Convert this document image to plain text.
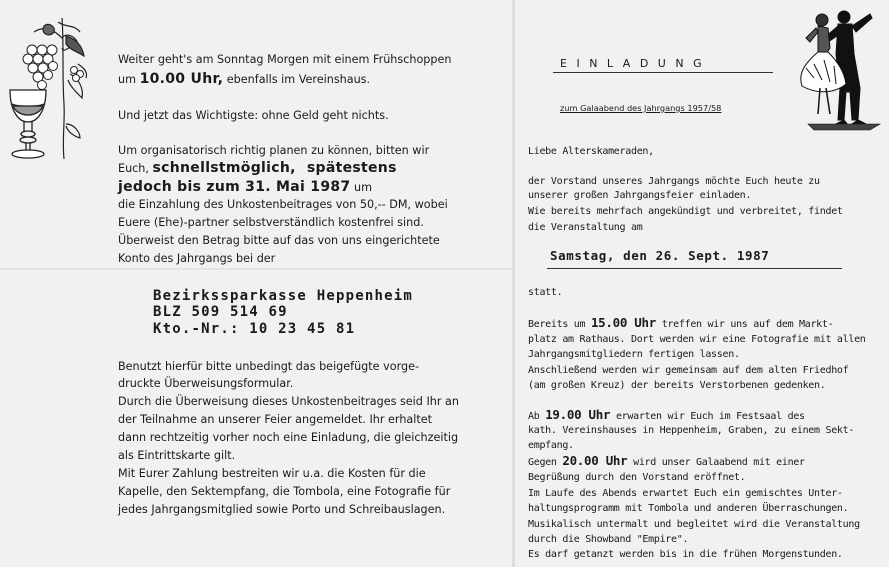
Weiter geht's am Sonntag Morgen mit einem Frühschoppen
um 10.00 Uhr, ebenfalls im Vereinshaus.
Und jetzt das Wichtigste: ohne Geld geht nichts.
Um organisatorisch richtig planen zu können, bitten wir
Euch, schnellstmöglich, spätestens
jedoch bis zum 31. Mai 1987 um
die Einzahlung des Unkostenbeitrages von 50,-- DM, wobei
Euere (Ehe)-partner selbstverständlich kostenfrei sind.
Überweist den Betrag bitte auf das von uns eingerichtete
Konto des Jahrgangs bei der
Bezirkssparkasse Heppenheim
BLZ 509 514 69
Kto.-Nr.: 10 23 45 81
Benutzt hierfür bitte unbedingt das beigefügte vorge-
druckte Überweisungsformular.
Durch die Überweisung dieses Unkostenbeitrages seid Ihr an
der Teilnahme an unserer Feier angemeldet. Ihr erhaltet
dann rechtzeitig vorher noch eine Einladung, die gleichzeitig
als Eintrittskarte gilt.
Mit Eurer Zahlung bestreiten wir u.a. die Kosten für die
Kapelle, den Sektempfang, die Tombola, eine Fotografie für
jedes Jahrgangsmitglied sowie Porto und Schreibauslagen.
EINLADUNG
zum Galaabend des Jahrgangs 1957/58
Liebe Alterskameraden,
der Vorstand unseres Jahrgangs möchte Euch heute zu
unserer großen Jahrgangsfeier einladen.
Wie bereits mehrfach angekündigt und verbreitet, findet
die Veranstaltung am
Samstag, den 26. Sept. 1987
statt.
Bereits um 15.00 Uhr treffen wir uns auf dem Markt-
platz am Rathaus. Dort werden wir eine Fotografie mit allen
Jahrgangsmitgliedern fertigen lassen.
Anschließend werden wir gemeinsam auf dem alten Friedhof
(am großen Kreuz) der bereits Verstorbenen gedenken.
Ab 19.00 Uhr erwarten wir Euch im Festsaal des
kath. Vereinshauses in Heppenheim, Graben, zu einem Sekt-
empfang.
Gegen 20.00 Uhr wird unser Galaabend mit einer
Begrüßung durch den Vorstand eröffnet.
Im Laufe des Abends erwartet Euch ein gemischtes Unter-
haltungsprogramm mit Tombola und anderen Überraschungen.
Musikalisch untermalt und begleitet wird die Veranstaltung
durch die Showband "Empire".
Es darf getanzt werden bis in die frühen Morgenstunden.
